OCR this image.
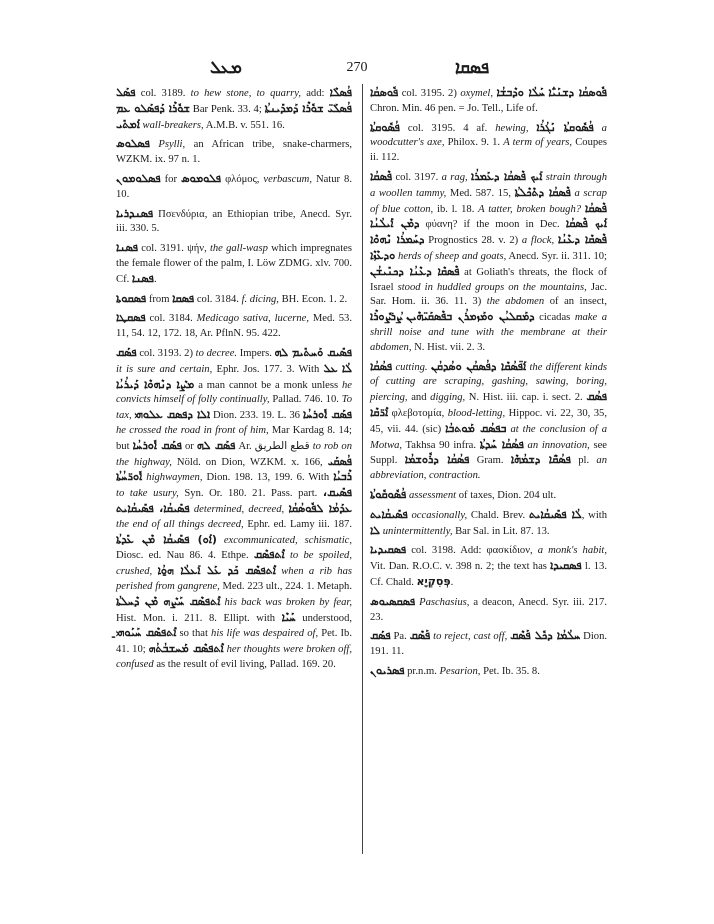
ܡܥܠ	270	ܦܣܩܐ

ܦܣܰܠ col. 3189. to hew stone, to quarry, add: ܦܳܣܠܶܐ ܫܘܽܪܶܐ ܕܰܦܣܰܠܘ ܥܡ Bar Penk. 33. 4; ܦܳܣܠܰܝ̈ ܫܘܽܪܶܐ ܕܰܡܕܺܝܢܬܳܐ ܐܰܡܬܺܝ wall-breakers, A.M.B. v. 551. 16.

ܦܣܠܘܣ Psylli, an African tribe, snake-charmers, WZKM. ix. 97 n. 1.

ܦܣܠܘܡܘܢ for ܦܠܘܡܘܣ φλόμος, verbascum, Natur 8. 10.

ܦܣܢܕܪܝܐ Πσενδύρια, an Ethiopian tribe, Anecd. Syr. iii. 330. 5.

ܦܣܢܐ col. 3191. ψήν, the gall-wasp which impregnates the female flower of the palm, I. Löw ZDMG. xlv. 700. Cf. ܦܣܢܐ.

ܦܣܩܘܬܐ from ܦܣܩܐ col. 3184. f. dicing, BH. Econ. 1. 2.

ܦܣܩܛܐ col. 3184. Medicago sativa, lucerne, Med. 53. 11, 54. 12, 172. 18, Ar. PflnN. 95. 422.

ܦܣܰܩ col. 3193. 2) to decree. Impers. ܦܣܺܝܩ ܘܰܚܬܺܝܡ ܠܗ it is sure and certain, Ephr. Jos. 177. 3. With ܥܠ ܠܳܐ ܡܨܶܐ ܕܢܶܗܘܶܐ ܕܰܝܪܳܝܳܐ a man cannot be a monk unless he convicts himself of folly continually, Pallad. 746. 10. To tax, ܐܠܐ ܕܦܣܩ ܥܠܘܗܝ Dion. 233. 19. L. 36 ܦܣܰܩ ܐܽܘܪܚܳܐ he crossed the road in front of him, Mar Kardag 8. 14; but ܦܣܰܩ ܐܽܘܪܚܳܐ or ܦܣܰܩ ܠܗ Ar. قطع الطريق to rob on the highway, Nöld. on Dion, WZKM. x. 166, ܦܳܣܩܰܝ ܐܽܘܪ̈ܚܳܬܳܐ highwaymen, Dion. 198. 13, 199. 6. With ܪܶܒܝܳܐ to take usury, Syn. Or. 180. 21. Pass. part. ܦܣܺܝܩ، ܦܣܺܝܩܳܐ، ܦܣܺܝܩܳܐܝܬ determined, decreed, ܥܕܰܡܳܐ ܠܦܽܘܣܳܩܳܐ the end of all things decreed, Ephr. ed. Lamy iii. 187. (ܐܰܘ) ܦܣܺܝܩܳܐ ܡܶܢ ܥܺܕܬܳܐ excommunicated, schismatic, Diosc. ed. Nau 86. 4. Ethpe. ܐܶܬܦܣܶܩ to be spoiled, crushed, ܐܶܬܦܣܶܩ ܟܰܕ ܥܰܠ ܐܰܥܠܳܐ ܗ̱ܘܳܐ when a rib has perished from gangrene, Med. 223 ult., 224. 1. Metaph. ܐܶܬܦܣܶܩ ܚܰܨܶܗ ܡܶܢ ܕܶܚܠܬܳܐ his back was broken by fear, Hist. Mon. i. 211. 8. Ellipt. with ܚܰܝܶܐ understood, ܐܶܬܦܣܶܩ ܚܰܝܰܘܗ̱ܝ so that his life was despaired of, Pet. Ib. 41. 10; ܐܶܬܦܣܶܩ ܡܰܚܫܒܳܬܳܗ her thoughts were broken off, confused as the result of evil living, Pallad. 169. 20.

ܦܽܘܣܩܳܐ col. 3195. 2) oxymel, ܚܰܠܳܐ ܘܕܶܒܫܳܐ ܦܽܘܣܩܳܐ ܕܫܢܰܝ̈ܳܐ Chron. Min. 46 pen. = Jo. Tell., Life of.

ܦܳܣܽܘܩܬܳܐ col. 3195. 4 af. hewing, ܢܰܓܳܪܳܐ ܦܳܣܽܘܩܬܳܐ a woodcutter's axe, Philox. 9. 1. A term of years, Coupes ii. 112.

ܦܶܣܩܳܐ col. 3197. a rag, ܐܰܝܟ ܦܶܣܩܳܐ ܕܥܰܡܪܳܐ strain through a woollen tammy, Med. 587. 15, ܦܶܣܩܳܐ ܕܬܶܟܶܠܬܳܐ a scrap of blue cotton, ib. l. 18. A tatter, broken bough? ܦܶܣܩܳܐ ܕܡܶܢ ܐܺܝܠܳܢܳܐ φύανη? if the moon in Dec. ܐܰܝܟ ܦܶܣܩܳܐ ܕܚܰܡܪܳܐ ܢܶܗܘܶܐ Prognostics 28. v. 2) a flock, ܦܶܣܩܶܐ ܕܥܶܢܳܐ ܘܕܥܶܙܶܐ herds of sheep and goats, Anecd. Syr. ii. 311. 10; ܦܶܣܩܶܐ ܕܥܶܢܳܐ ܕܟܢܺܝܫܳܢ at Goliath's threats, the flock of Israel stood in huddled groups on the mountains, Jac. Sar. Hom. ii. 36. 11. 3) the abdomen of an insect, ܨܳܪܨܽܘܪܶܐ ܕܡܰܩܠܝܳܢ ܘܡܰܙܡܪܳܢ ܒܦܶܣܩܰܝ̈ܗܶܝܢ cicadas make a shrill noise and tune with the membrane at their abdomen, N. Hist. vii. 2. 3.

ܦܣܳܩܳܐ cutting. ܐܰܦ̈ܣܳܩܶܐ ܕܦܳܣܩܳܢ ܘܣܳܕܩܳܢ the different kinds of cutting are scraping, gashing, sawing, boring, piercing, and digging, N. Hist. iii. cap. i. sect. 2. ܦܣܳܩ ܐܶܪ̈ܩܶܐ φλεβοτομία, blood-letting, Hippoc. vi. 22, 30, 35, 45, vii. 44. (sic) ܒܦܣܳܩ ܡܰܘܬܒܳܐ at the conclusion of a Motwa, Takhsa 90 infra. ܦܣܳܩܳܐ ܚܰܕܬܳܐ an innovation, see Suppl. ܦܣܳܩܳܐ ܕܪܽܘܫܡܳܐ Gram. ܦܣܳܩ̈ܶܐ ܕܫܡܳܗܶܐ pl. an abbreviation, contraction.

ܦܳܣܽܘܩܽܘܬܳܐ assessment of taxes, Dion. 204 ult.

ܦܣܺܝܩܳܐܝܬ occasionally, Chald. Brev. ܠܳܐ ܦܣܺܝܩܳܐܝܬ, with ܠܐ unintermittently, Bar Sal. in Lit. 87. 13.

ܦܣܩܝܕܝܐ col. 3198. Add: φασκίδιον, a monk's habit, Vit. Dan. R.O.C. v. 398 n. 2; the text has ܦܣܩܝܕܐ l. 13. Cf. Chald. פְּסִקְיָא.

ܦܣܩܣܝܘܣ Paschasius, a deacon, Anecd. Syr. iii. 217. 23.

ܦܣܰܩ Pa. ܦܰܣܶܩ to reject, cast off, ܚܠܳܡܳܐ ܕܟܽܠ ܦܰܣܶܩ Dion. 191. 11.

ܦܣܪܝܘܢ pr.n.m. Pesarion, Pet. Ib. 35. 8.
